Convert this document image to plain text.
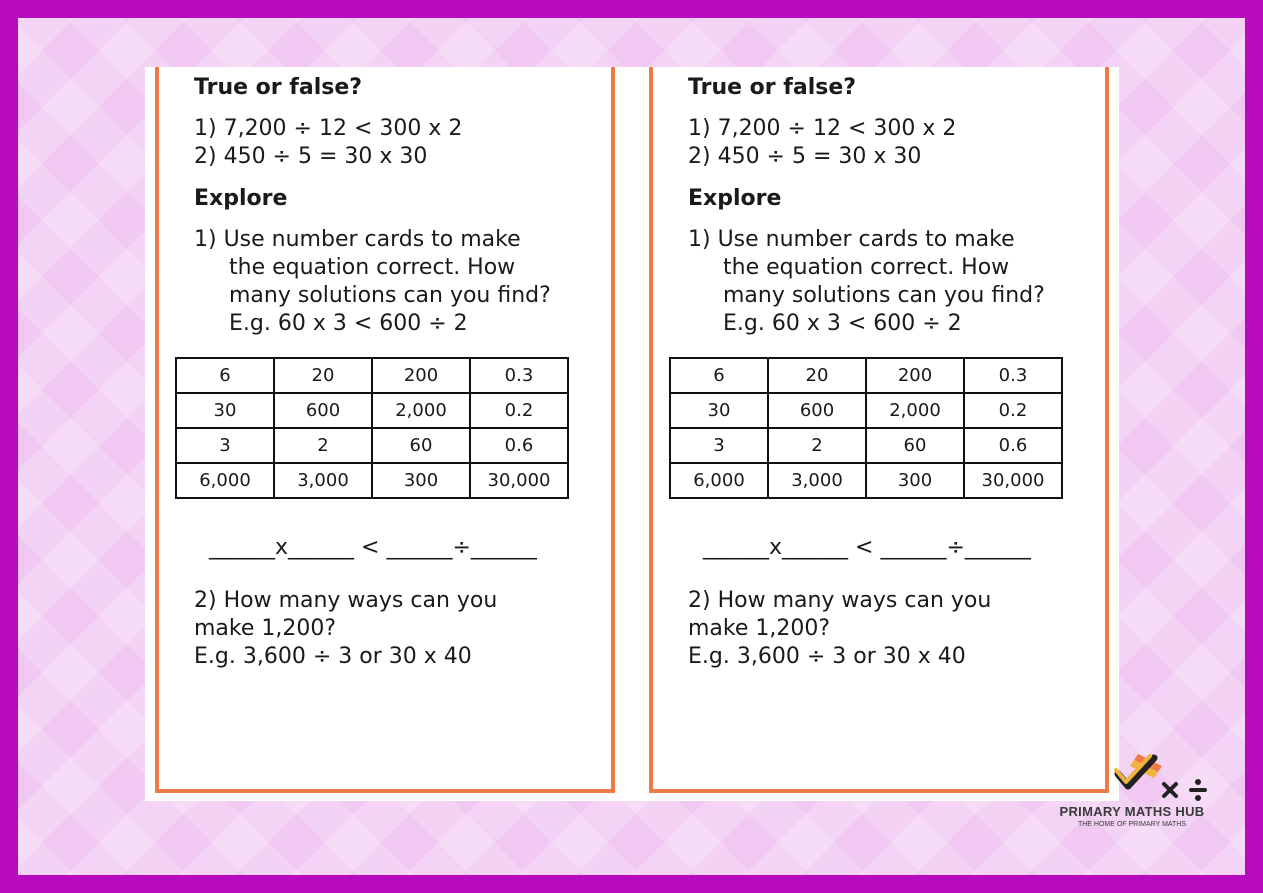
True or false?
1) 7,200 ÷ 12 < 300 x 2
2) 450 ÷ 5 = 30 x 30
Explore
1) Use number cards to make
the equation correct. How
many solutions can you find?
E.g. 60 x 3 < 600 ÷ 2
6	20	200	0.3
30	600	2,000	0.2
3	2	60	0.6
6,000	3,000	300	30,000
______x______ < ______÷______
2) How many ways can you
make 1,200?
E.g. 3,600 ÷ 3 or 30 x 40
True or false?
1) 7,200 ÷ 12 < 300 x 2
2) 450 ÷ 5 = 30 x 30
Explore
1) Use number cards to make
the equation correct. How
many solutions can you find?
E.g. 60 x 3 < 600 ÷ 2
6	20	200	0.3
30	600	2,000	0.2
3	2	60	0.6
6,000	3,000	300	30,000
______x______ < ______÷______
2) How many ways can you
make 1,200?
E.g. 3,600 ÷ 3 or 30 x 40
PRIMARY MATHS HUB
THE HOME OF PRIMARY MATHS
